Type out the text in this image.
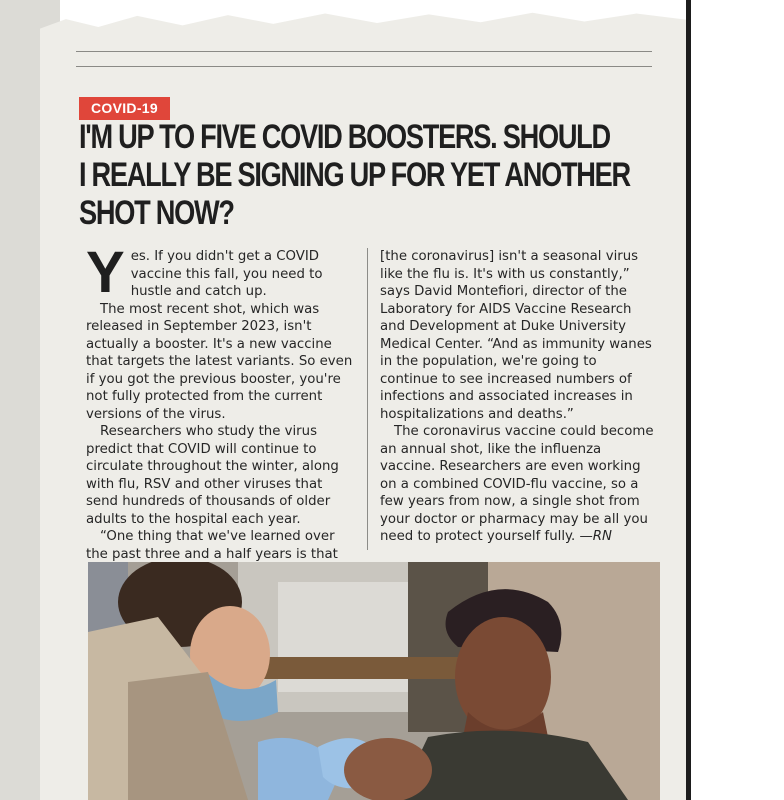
COVID-19
I'M UP TO FIVE COVID BOOSTERS. SHOULD
I REALLY BE SIGNING UP FOR YET ANOTHER
SHOT NOW?

Yes. If you didn't get a COVID vaccine this fall, you need to hustle and catch up.

The most recent shot, which was released in September 2023, isn't actually a booster. It's a new vaccine that targets the latest variants. So even if you got the previous booster, you're not fully protected from the current versions of the virus.

Researchers who study the virus predict that COVID will continue to circulate throughout the winter, along with flu, RSV and other viruses that send hundreds of thousands of older adults to the hospital each year.

“One thing that we've learned over the past three and a half years is that

[the coronavirus] isn't a seasonal virus like the flu is. It's with us constantly,” says David Montefiori, director of the Laboratory for AIDS Vaccine Research and Development at Duke University Medical Center. “And as immunity wanes in the population, we're going to continue to see increased numbers of infections and associated increases in hospitalizations and deaths.”

The coronavirus vaccine could become an annual shot, like the influenza vaccine. Researchers are even working on a combined COVID-flu vaccine, so a few years from now, a single shot from your doctor or pharmacy may be all you need to protect yourself fully. —RN
